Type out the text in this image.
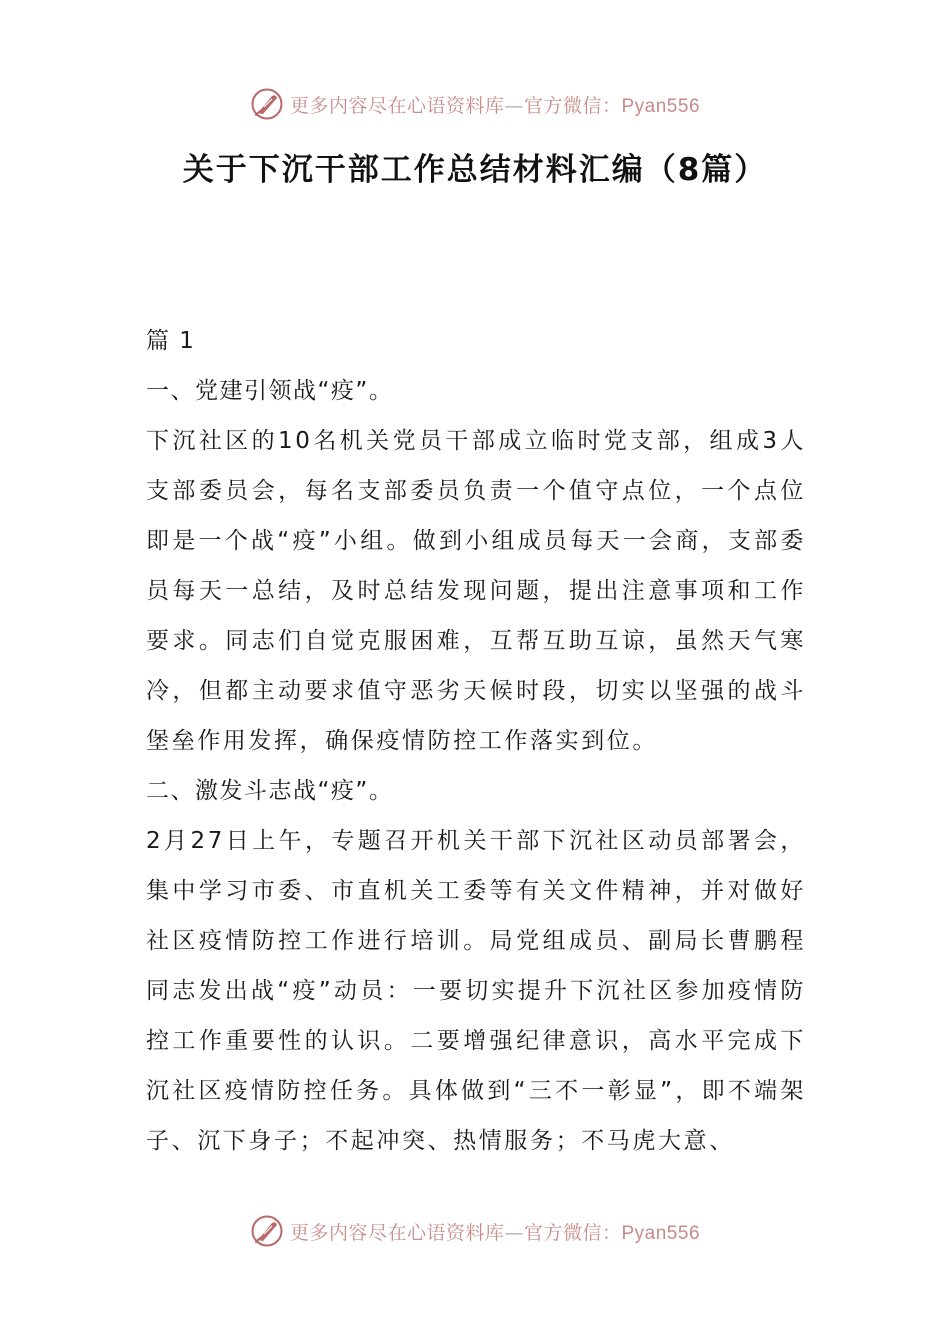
更多内容尽在心语资料库—官方微信：Pyan556
关于下沉干部工作总结材料汇编（8篇）

篇 1

一、党建引领战“疫”。

下沉社区的10名机关党员干部成立临时党支部，组成3人支部委员会，每名支部委员负责一个值守点位，一个点位即是一个战“疫”小组。做到小组成员每天一会商，支部委员每天一总结，及时总结发现问题，提出注意事项和工作要求。同志们自觉克服困难，互帮互助互谅，虽然天气寒冷，但都主动要求值守恶劣天候时段，切实以坚强的战斗堡垒作用发挥，确保疫情防控工作落实到位。

二、激发斗志战“疫”。

2月27日上午，专题召开机关干部下沉社区动员部署会，集中学习市委、市直机关工委等有关文件精神，并对做好社区疫情防控工作进行培训。局党组成员、副局长曹鹏程同志发出战“疫”动员：一要切实提升下沉社区参加疫情防控工作重要性的认识。二要增强纪律意识，高水平完成下沉社区疫情防控任务。具体做到“三不一彰显”，即不端架子、沉下身子；不起冲突、热情服务；不马虎大意、

更多内容尽在心语资料库—官方微信：Pyan556
